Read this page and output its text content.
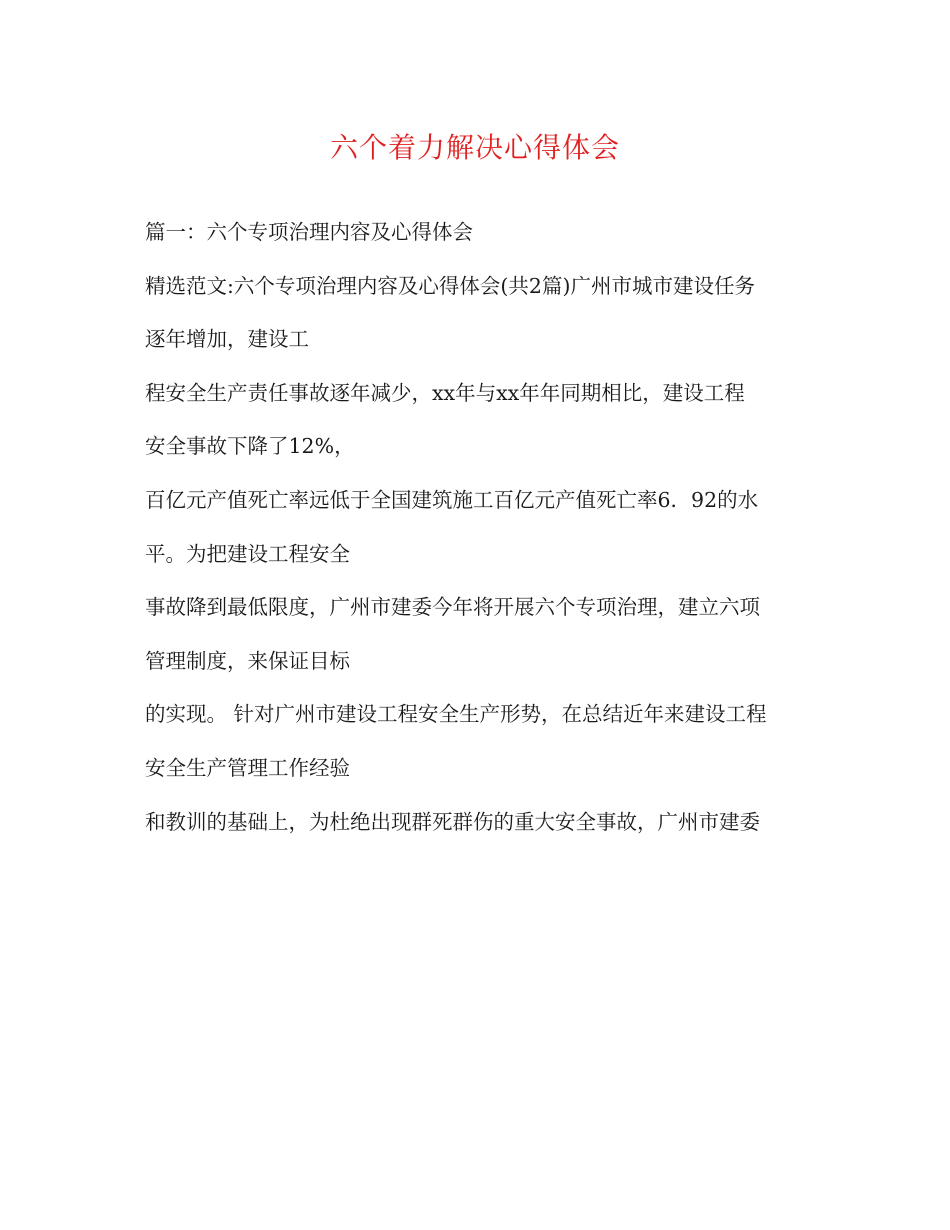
六个着力解决心得体会
篇一：六个专项治理内容及心得体会
精选范文:六个专项治理内容及心得体会(共2篇)广州市城市建设任务
逐年增加，建设工
程安全生产责任事故逐年减少，xx年与xx年年同期相比，建设工程
安全事故下降了12%，
百亿元产值死亡率远低于全国建筑施工百亿元产值死亡率6．92的水
平。为把建设工程安全
事故降到最低限度，广州市建委今年将开展六个专项治理，建立六项
管理制度，来保证目标
的实现。 针对广州市建设工程安全生产形势，在总结近年来建设工程
安全生产管理工作经验
和教训的基础上，为杜绝出现群死群伤的重大安全事故，广州市建委
